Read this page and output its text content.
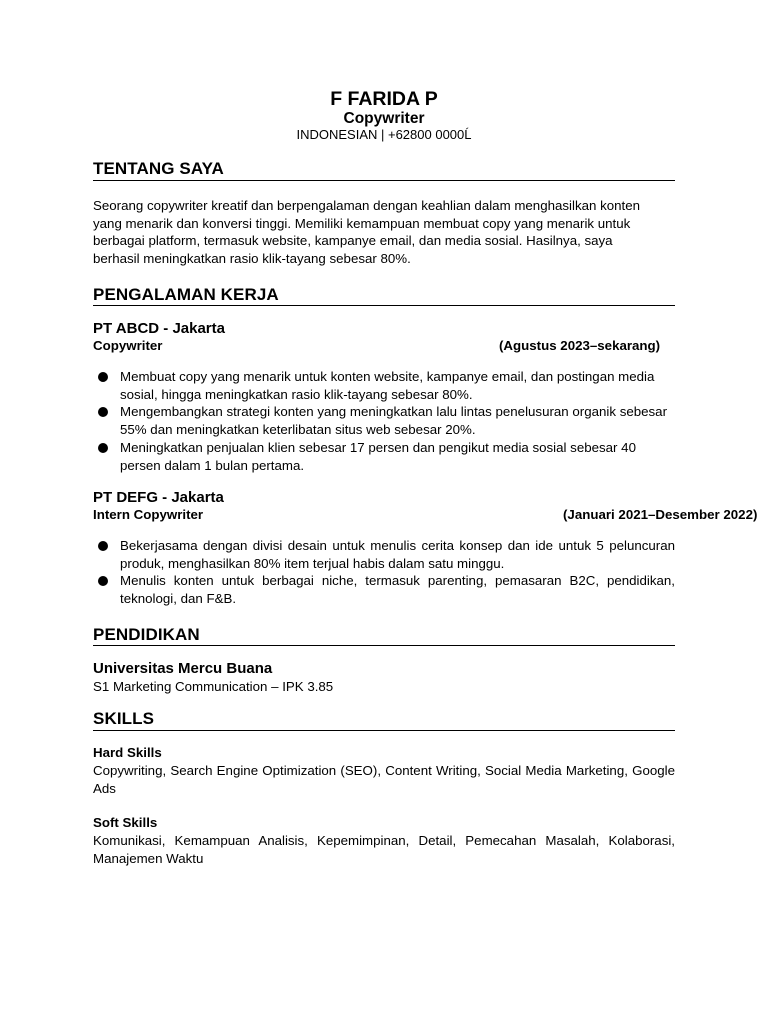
F FARIDA P
Copywriter
INDONESIAN | +62800 0000Ĺ
TENTANG SAYA
Seorang copywriter kreatif dan berpengalaman dengan keahlian dalam menghasilkan konten yang menarik dan konversi tinggi. Memiliki kemampuan membuat copy yang menarik untuk berbagai platform, termasuk website, kampanye email, dan media sosial. Hasilnya, saya berhasil meningkatkan rasio klik-tayang sebesar 80%.
PENGALAMAN KERJA
PT ABCD - Jakarta
Copywriter	(Agustus 2023–sekarang)
Membuat copy yang menarik untuk konten website, kampanye email, dan postingan media sosial, hingga meningkatkan rasio klik-tayang sebesar 80%.
Mengembangkan strategi konten yang meningkatkan lalu lintas penelusuran organik sebesar 55% dan meningkatkan keterlibatan situs web sebesar 20%.
Meningkatkan penjualan klien sebesar 17 persen dan pengikut media sosial sebesar 40 persen dalam 1 bulan pertama.
PT DEFG - Jakarta
Intern Copywriter	(Januari 2021–Desember 2022)
Bekerjasama dengan divisi desain untuk menulis cerita konsep dan ide untuk 5 peluncuran produk, menghasilkan 80% item terjual habis dalam satu minggu.
Menulis konten untuk berbagai niche, termasuk parenting, pemasaran B2C, pendidikan, teknologi, dan F&B.
PENDIDIKAN
Universitas Mercu Buana
S1 Marketing Communication – IPK 3.85
SKILLS
Hard Skills
Copywriting, Search Engine Optimization (SEO), Content Writing, Social Media Marketing, Google Ads
Soft Skills
Komunikasi, Kemampuan Analisis, Kepemimpinan, Detail, Pemecahan Masalah, Kolaborasi, Manajemen Waktu
